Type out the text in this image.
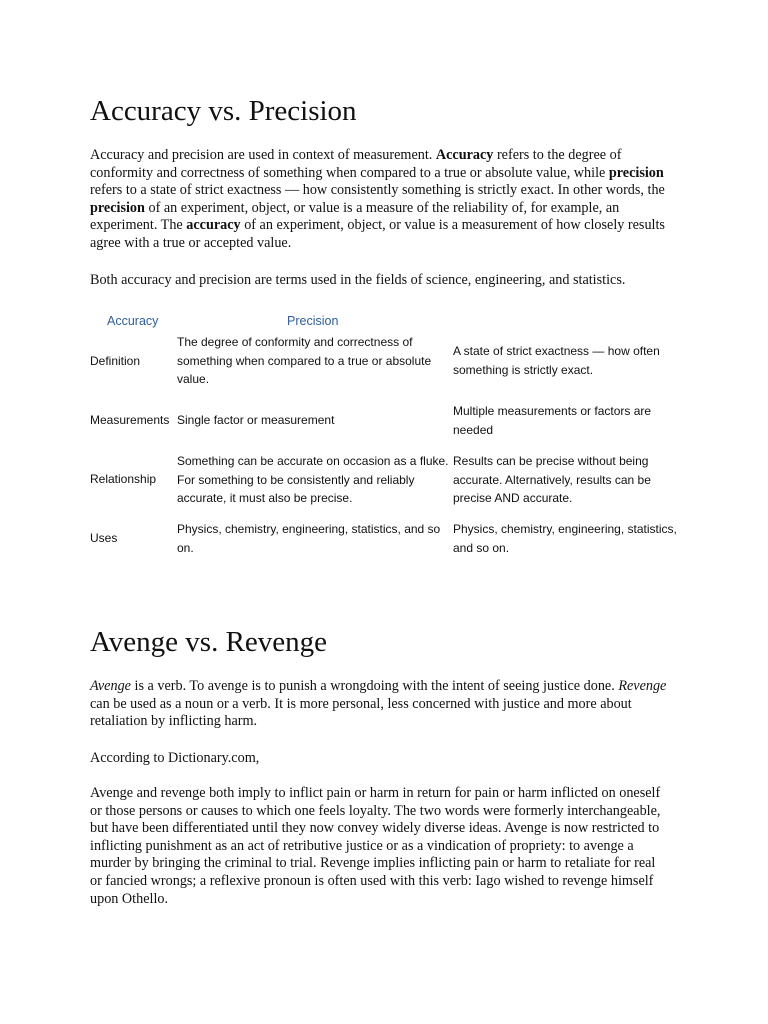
Accuracy vs. Precision

Accuracy and precision are used in context of measurement. Accuracy refers to the degree of conformity and correctness of something when compared to a true or absolute value, while precision refers to a state of strict exactness — how consistently something is strictly exact. In other words, the precision of an experiment, object, or value is a measure of the reliability of, for example, an experiment. The accuracy of an experiment, object, or value is a measurement of how closely results agree with a true or accepted value.

Both accuracy and precision are terms used in the fields of science, engineering, and statistics.

Accuracy	Precision
Definition
The degree of conformity and correctness of something when compared to a true or absolute value.
A state of strict exactness — how often something is strictly exact.
Measurements Single factor or measurement
Multiple measurements or factors are needed
Relationship
Something can be accurate on occasion as a fluke. For something to be consistently and reliably accurate, it must also be precise.
Results can be precise without being accurate. Alternatively, results can be precise AND accurate.
Uses
Physics, chemistry, engineering, statistics, and so on.
Physics, chemistry, engineering, statistics, and so on.
Avenge vs. Revenge

Avenge is a verb. To avenge is to punish a wrongdoing with the intent of seeing justice done. Revenge can be used as a noun or a verb. It is more personal, less concerned with justice and more about retaliation by inflicting harm.

According to Dictionary.com,

Avenge and revenge both imply to inflict pain or harm in return for pain or harm inflicted on oneself or those persons or causes to which one feels loyalty. The two words were formerly interchangeable, but have been differentiated until they now convey widely diverse ideas. Avenge is now restricted to inflicting punishment as an act of retributive justice or as a vindication of propriety: to avenge a murder by bringing the criminal to trial. Revenge implies inflicting pain or harm to retaliate for real or fancied wrongs; a reflexive pronoun is often used with this verb: Iago wished to revenge himself upon Othello.
